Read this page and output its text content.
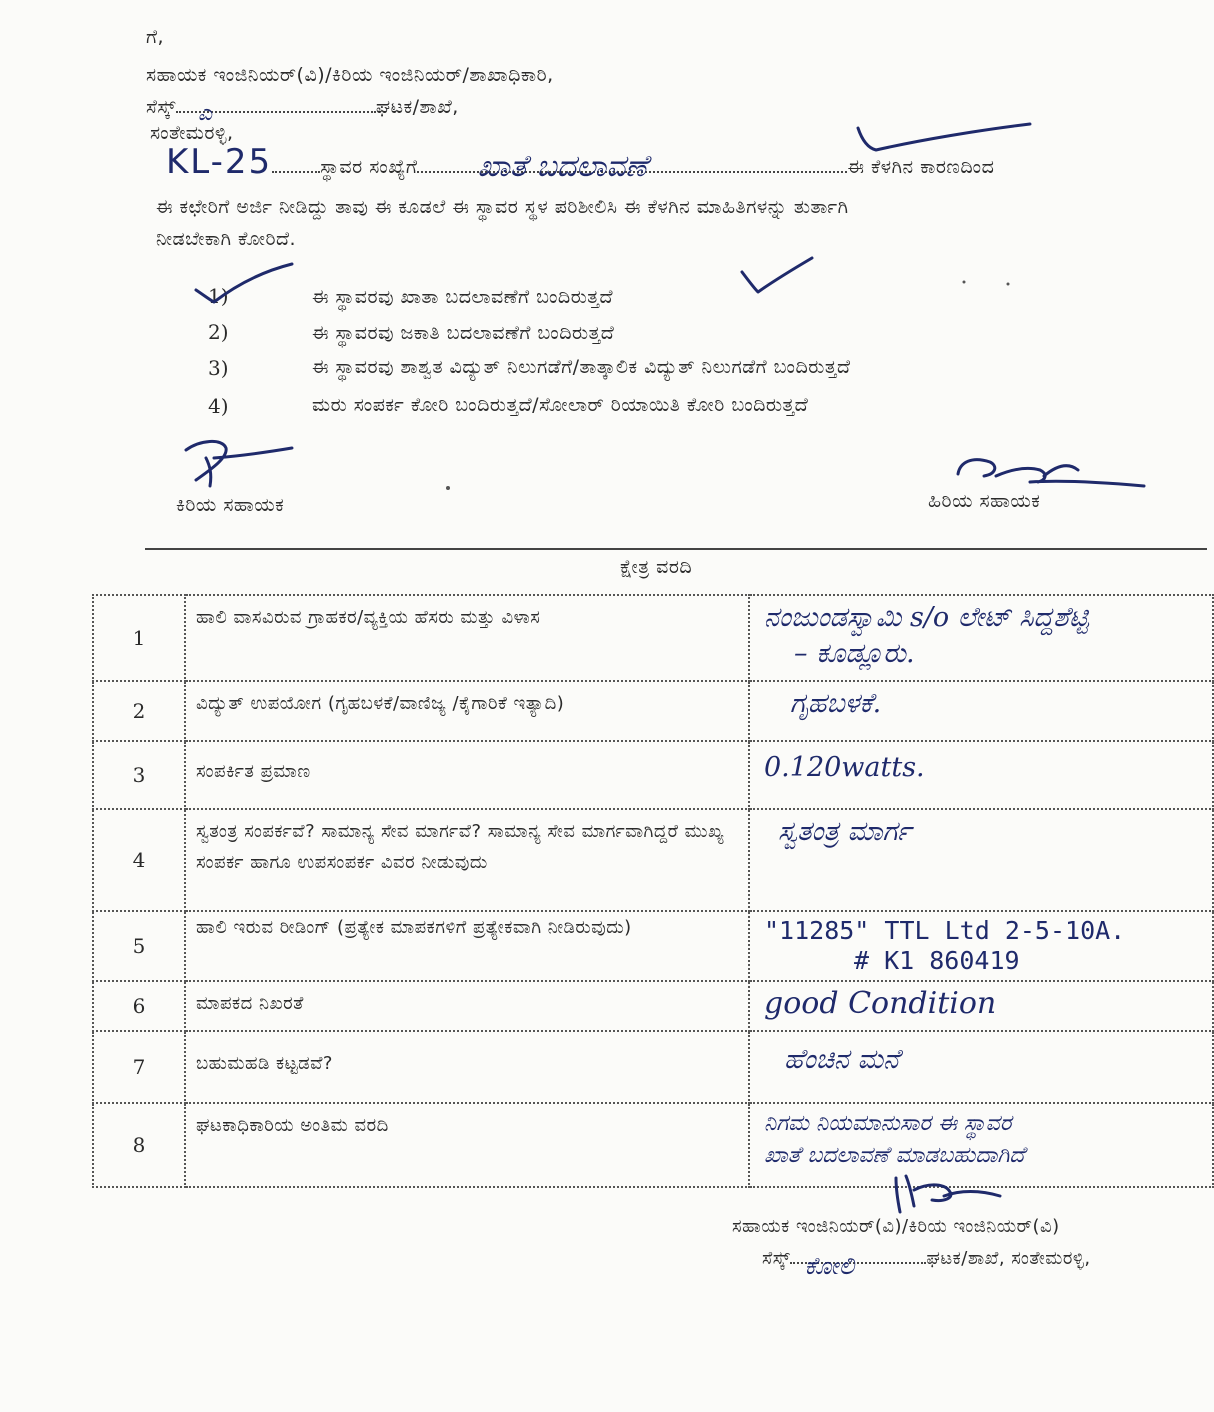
ಗೆ,
ಸಹಾಯಕ ಇಂಜಿನಿಯರ್(ವಿ)/ಕಿರಿಯ ಇಂಜಿನಿಯರ್/ಶಾಖಾಧಿಕಾರಿ,
ಸೆಸ್ಕ್ ಎ	ಘಟಕ/ಶಾಖೆ,
ಸಂತೇಮರಳ್ಳಿ,
KL-25	ಸ್ಥಾವರ ಸಂಖ್ಯೆಗೆ ಖಾತೆ ಬದಲಾವಣೆ	ಈ ಕೆಳಗಿನ ಕಾರಣದಿಂದ
ಈ ಕಛೇರಿಗೆ ಅರ್ಜಿ ನೀಡಿದ್ದು ತಾವು ಈ ಕೂಡಲೆ ಈ ಸ್ಥಾವರ ಸ್ಥಳ ಪರಿಶೀಲಿಸಿ ಈ ಕೆಳಗಿನ ಮಾಹಿತಿಗಳನ್ನು ತುರ್ತಾಗಿ
ನೀಡಬೇಕಾಗಿ ಕೋರಿದೆ.
1)	ಈ ಸ್ಥಾವರವು ಖಾತಾ ಬದಲಾವಣೆಗೆ ಬಂದಿರುತ್ತದೆ
2)	ಈ ಸ್ಥಾವರವು ಜಕಾತಿ ಬದಲಾವಣೆಗೆ ಬಂದಿರುತ್ತದೆ
3)	ಈ ಸ್ಥಾವರವು ಶಾಶ್ವತ ವಿದ್ಯುತ್ ನಿಲುಗಡೆಗೆ/ತಾತ್ಕಾಲಿಕ ವಿದ್ಯುತ್ ನಿಲುಗಡೆಗೆ ಬಂದಿರುತ್ತದೆ
4)	ಮರು ಸಂಪರ್ಕ ಕೋರಿ ಬಂದಿರುತ್ತದೆ/ಸೋಲಾರ್ ರಿಯಾಯಿತಿ ಕೋರಿ ಬಂದಿರುತ್ತದೆ
ಕಿರಿಯ ಸಹಾಯಕ	ಹಿರಿಯ ಸಹಾಯಕ
ಕ್ಷೇತ್ರ ವರದಿ
1	ಹಾಲಿ ವಾಸವಿರುವ ಗ್ರಾಹಕರ/ವ್ಯಕ್ತಿಯ ಹೆಸರು ಮತ್ತು ವಿಳಾಸ	ನಂಜುಂಡಸ್ವಾಮಿ s/o ಲೇಟ್ ಸಿದ್ದಶೆಟ್ಟಿ
– ಕೂಡ್ಲೂರು.

2	ವಿದ್ಯುತ್ ಉಪಯೋಗ (ಗೃಹಬಳಕೆ/ವಾಣಿಜ್ಯ /ಕೈಗಾರಿಕೆ ಇತ್ಯಾದಿ)	ಗೃಹಬಳಕೆ.
3	ಸಂಪರ್ಕಿತ ಪ್ರಮಾಣ	0.120watts.
4	ಸ್ವತಂತ್ರ ಸಂಪರ್ಕವೆ? ಸಾಮಾನ್ಯ ಸೇವ ಮಾರ್ಗವೆ? ಸಾಮಾನ್ಯ ಸೇವ ಮಾರ್ಗವಾಗಿದ್ದರೆ ಮುಖ್ಯ ಸಂಪರ್ಕ ಹಾಗೂ ಉಪಸಂಪರ್ಕ ವಿವರ ನೀಡುವುದು	ಸ್ವತಂತ್ರ ಮಾರ್ಗ
5	ಹಾಲಿ ಇರುವ ರೀಡಿಂಗ್ (ಪ್ರತ್ಯೇಕ ಮಾಪಕಗಳಿಗೆ ಪ್ರತ್ಯೇಕವಾಗಿ ನೀಡಿರುವುದು)	"11285" TTL Ltd 2-5-10A.
# K1 860419

6	ಮಾಪಕದ ನಿಖರತೆ	good Condition
7	ಬಹುಮಹಡಿ ಕಟ್ಟಡವೆ?	ಹೆಂಚಿನ ಮನೆ
8	ಘಟಕಾಧಿಕಾರಿಯ ಅಂತಿಮ ವರದಿ	ನಿಗಮ ನಿಯಮಾನುಸಾರ ಈ ಸ್ಥಾವರ
ಖಾತೆ ಬದಲಾವಣೆ ಮಾಡಬಹುದಾಗಿದೆ
ಸಹಾಯಕ ಇಂಜಿನಿಯರ್(ವಿ)/ಕಿರಿಯ ಇಂಜಿನಿಯರ್(ವಿ)
ಸೆಸ್ಕ್ ಕೋಲಿ	ಘಟಕ/ಶಾಖೆ, ಸಂತೇಮರಳ್ಳಿ,
